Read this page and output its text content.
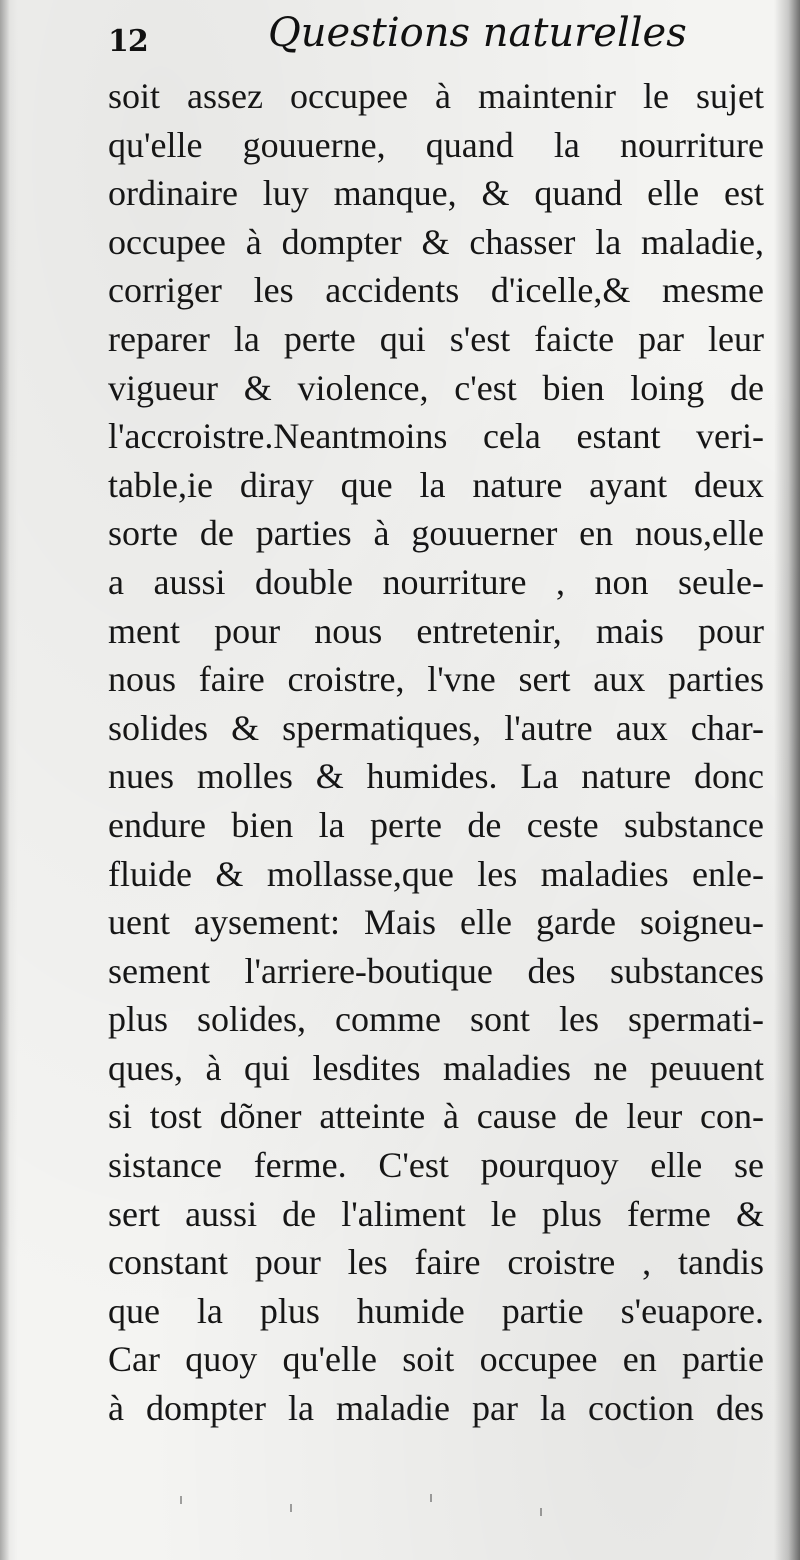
12	Questions naturelles
soit assez occupee à maintenir le sujet
qu'elle gouuerne, quand la nourriture
ordinaire luy manque, & quand elle est
occupee à dompter & chasser la maladie,
corriger les accidents d'icelle,& mesme
reparer la perte qui s'est faicte par leur
vigueur & violence, c'est bien loing de
l'accroistre.Neantmoins cela estant veri-
table,ie diray que la nature ayant deux
sorte de parties à gouuerner en nous,elle
a aussi double nourriture , non seule-
ment pour nous entretenir, mais pour
nous faire croistre, l'vne sert aux parties
solides & spermatiques, l'autre aux char-
nues molles & humides. La nature donc
endure bien la perte de ceste substance
fluide & mollasse,que les maladies enle-
uent aysement: Mais elle garde soigneu-
sement l'arriere-boutique des substances
plus solides, comme sont les spermati-
ques, à qui lesdites maladies ne peuuent
si tost dõner atteinte à cause de leur con-
sistance ferme. C'est pourquoy elle se
sert aussi de l'aliment le plus ferme &
constant pour les faire croistre , tandis
que la plus humide partie s'euapore.
Car quoy qu'elle soit occupee en partie
à dompter la maladie par la coction des
